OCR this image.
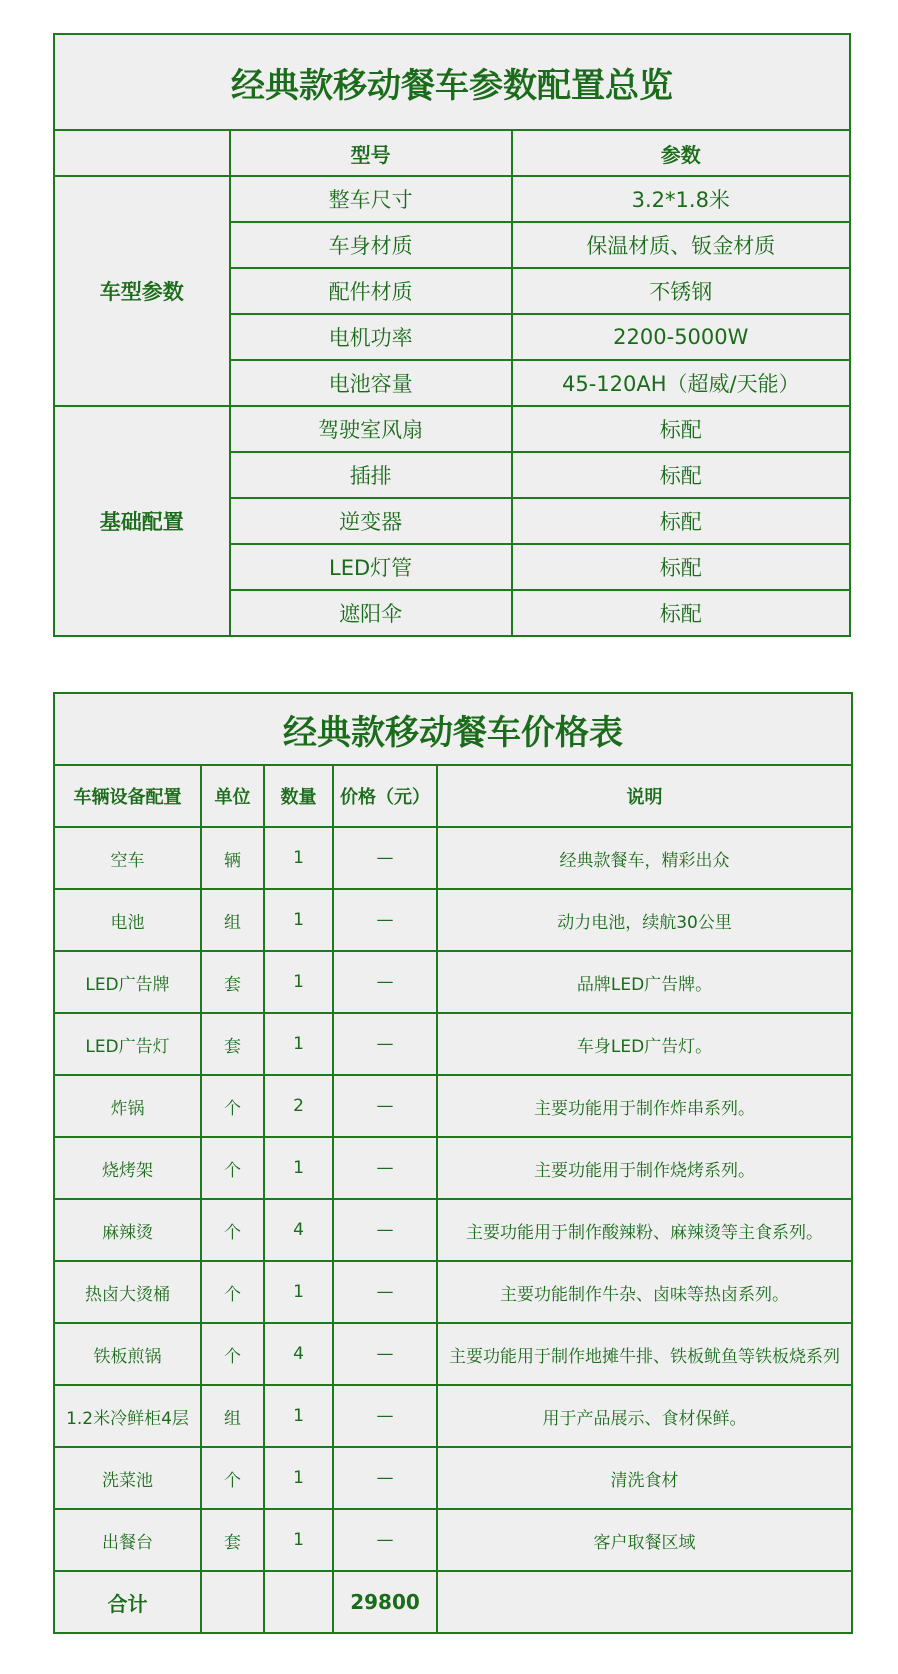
经典款移动餐车参数配置总览		
	型号	参数
车型参数	整车尺寸	3.2*1.8米
	车身材质	保温材质、钣金材质
	配件材质	不锈钢
	电机功率	2200-5000W
	电池容量	45-120AH（超威/天能）
基础配置	驾驶室风扇	标配
	插排	标配
	逆变器	标配
	LED灯管	标配
	遮阳伞	标配
经典款移动餐车价格表				
车辆设备配置	单位	数量	价格（元）	说明
空车	辆	1	—	经典款餐车，精彩出众
电池	组	1	—	动力电池，续航30公里
LED广告牌	套	1	—	品牌LED广告牌。
LED广告灯	套	1	—	车身LED广告灯。
炸锅	个	2	—	主要功能用于制作炸串系列。
烧烤架	个	1	—	主要功能用于制作烧烤系列。
麻辣烫	个	4	—	主要功能用于制作酸辣粉、麻辣烫等主食系列。
热卤大烫桶	个	1	—	主要功能制作牛杂、卤味等热卤系列。
铁板煎锅	个	4	—	主要功能用于制作地摊牛排、铁板鱿鱼等铁板烧系列
1.2米冷鲜柜4层	组	1	—	用于产品展示、食材保鲜。
洗菜池	个	1	—	清洗食材
出餐台	套	1	—	客户取餐区域
合计			29800	
